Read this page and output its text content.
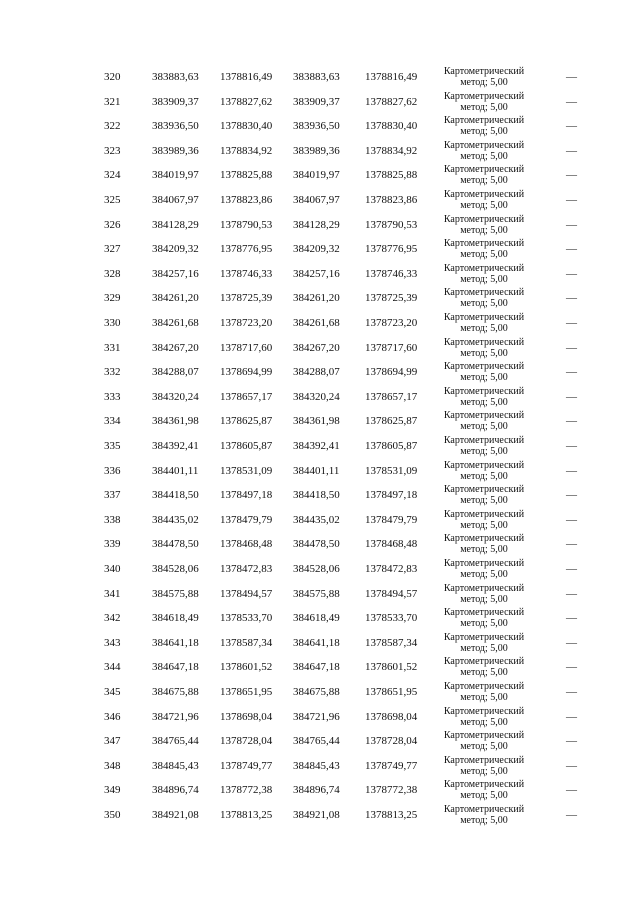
320	383883,63 1378816,49 383883,63 1378816,49	Картометрический
метод; 5,00	—
321	383909,37 1378827,62 383909,37 1378827,62	Картометрический
метод; 5,00	—
322	383936,50 1378830,40 383936,50 1378830,40	Картометрический
метод; 5,00	—
323	383989,36 1378834,92 383989,36 1378834,92	Картометрический
метод; 5,00	—
324	384019,97 1378825,88 384019,97 1378825,88	Картометрический
метод; 5,00	—
325	384067,97 1378823,86 384067,97 1378823,86	Картометрический
метод; 5,00	—
326	384128,29 1378790,53 384128,29 1378790,53	Картометрический
метод; 5,00	—
327	384209,32 1378776,95 384209,32 1378776,95	Картометрический
метод; 5,00	—
328	384257,16 1378746,33 384257,16 1378746,33	Картометрический
метод; 5,00	—
329	384261,20 1378725,39 384261,20 1378725,39	Картометрический
метод; 5,00	—
330	384261,68 1378723,20 384261,68 1378723,20	Картометрический
метод; 5,00	—
331	384267,20 1378717,60 384267,20 1378717,60	Картометрический
метод; 5,00	—
332	384288,07 1378694,99 384288,07 1378694,99	Картометрический
метод; 5,00	—
333	384320,24 1378657,17 384320,24 1378657,17	Картометрический
метод; 5,00	—
334	384361,98 1378625,87 384361,98 1378625,87	Картометрический
метод; 5,00	—
335	384392,41 1378605,87 384392,41 1378605,87	Картометрический
метод; 5,00	—
336	384401,11 1378531,09 384401,11 1378531,09	Картометрический
метод; 5,00	—
337	384418,50 1378497,18 384418,50 1378497,18	Картометрический
метод; 5,00	—
338	384435,02 1378479,79 384435,02 1378479,79	Картометрический
метод; 5,00	—
339	384478,50 1378468,48 384478,50 1378468,48	Картометрический
метод; 5,00	—
340	384528,06 1378472,83 384528,06 1378472,83	Картометрический
метод; 5,00	—
341	384575,88 1378494,57 384575,88 1378494,57	Картометрический
метод; 5,00	—
342	384618,49 1378533,70 384618,49 1378533,70	Картометрический
метод; 5,00	—
343	384641,18 1378587,34 384641,18 1378587,34	Картометрический
метод; 5,00	—
344	384647,18 1378601,52 384647,18 1378601,52	Картометрический
метод; 5,00	—
345	384675,88 1378651,95 384675,88 1378651,95	Картометрический
метод; 5,00	—
346	384721,96 1378698,04 384721,96 1378698,04	Картометрический
метод; 5,00	—
347	384765,44 1378728,04 384765,44 1378728,04	Картометрический
метод; 5,00	—
348	384845,43 1378749,77 384845,43 1378749,77	Картометрический
метод; 5,00	—
349	384896,74 1378772,38 384896,74 1378772,38	Картометрический
метод; 5,00	—
350	384921,08 1378813,25 384921,08 1378813,25	Картометрический
метод; 5,00	—
